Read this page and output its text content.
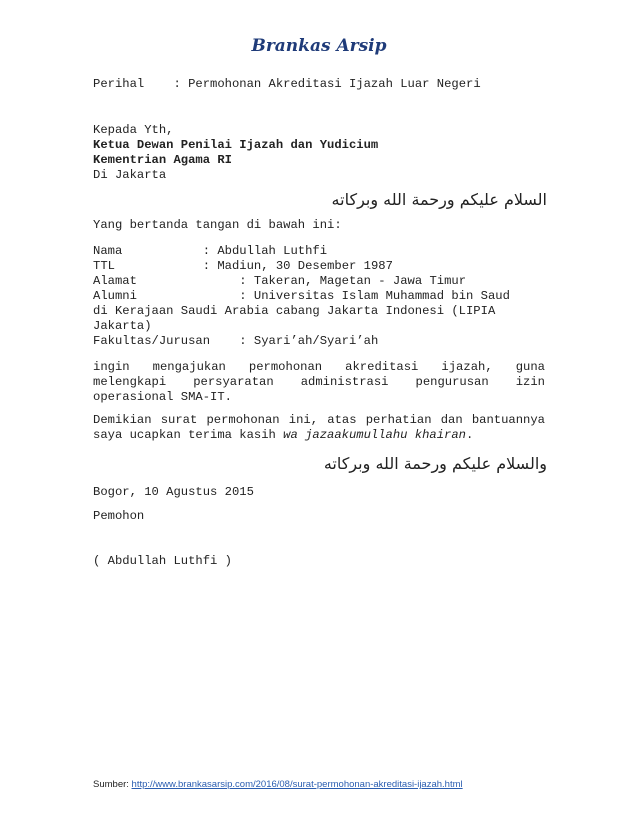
Brankas Arsip
Perihal    : Permohonan Akreditasi Ijazah Luar Negeri
Kepada Yth,
Ketua Dewan Penilai Ijazah dan Yudicium
Kementrian Agama RI
Di Jakarta
السلام عليكم ورحمة الله وبركاته
Yang bertanda tangan di bawah ini:
Nama           : Abdullah Luthfi
TTL            : Madiun, 30 Desember 1987
Alamat              : Takeran, Magetan - Jawa Timur
Alumni              : Universitas Islam Muhammad bin Saud
di Kerajaan Saudi Arabia cabang Jakarta Indonesi (LIPIA
Jakarta)
Fakultas/Jurusan    : Syari’ah/Syari’ah
ingin mengajukan permohonan akreditasi ijazah, guna melengkapi persyaratan administrasi pengurusan izin operasional SMA-IT.
Demikian surat permohonan ini, atas perhatian dan bantuannya saya ucapkan terima kasih wa jazaakumullahu khairan.
والسلام عليكم ورحمة الله وبركاته
Bogor, 10 Agustus 2015
Pemohon
( Abdullah Luthfi )
Sumber: http://www.brankasarsip.com/2016/08/surat-permohonan-akreditasi-ijazah.html
